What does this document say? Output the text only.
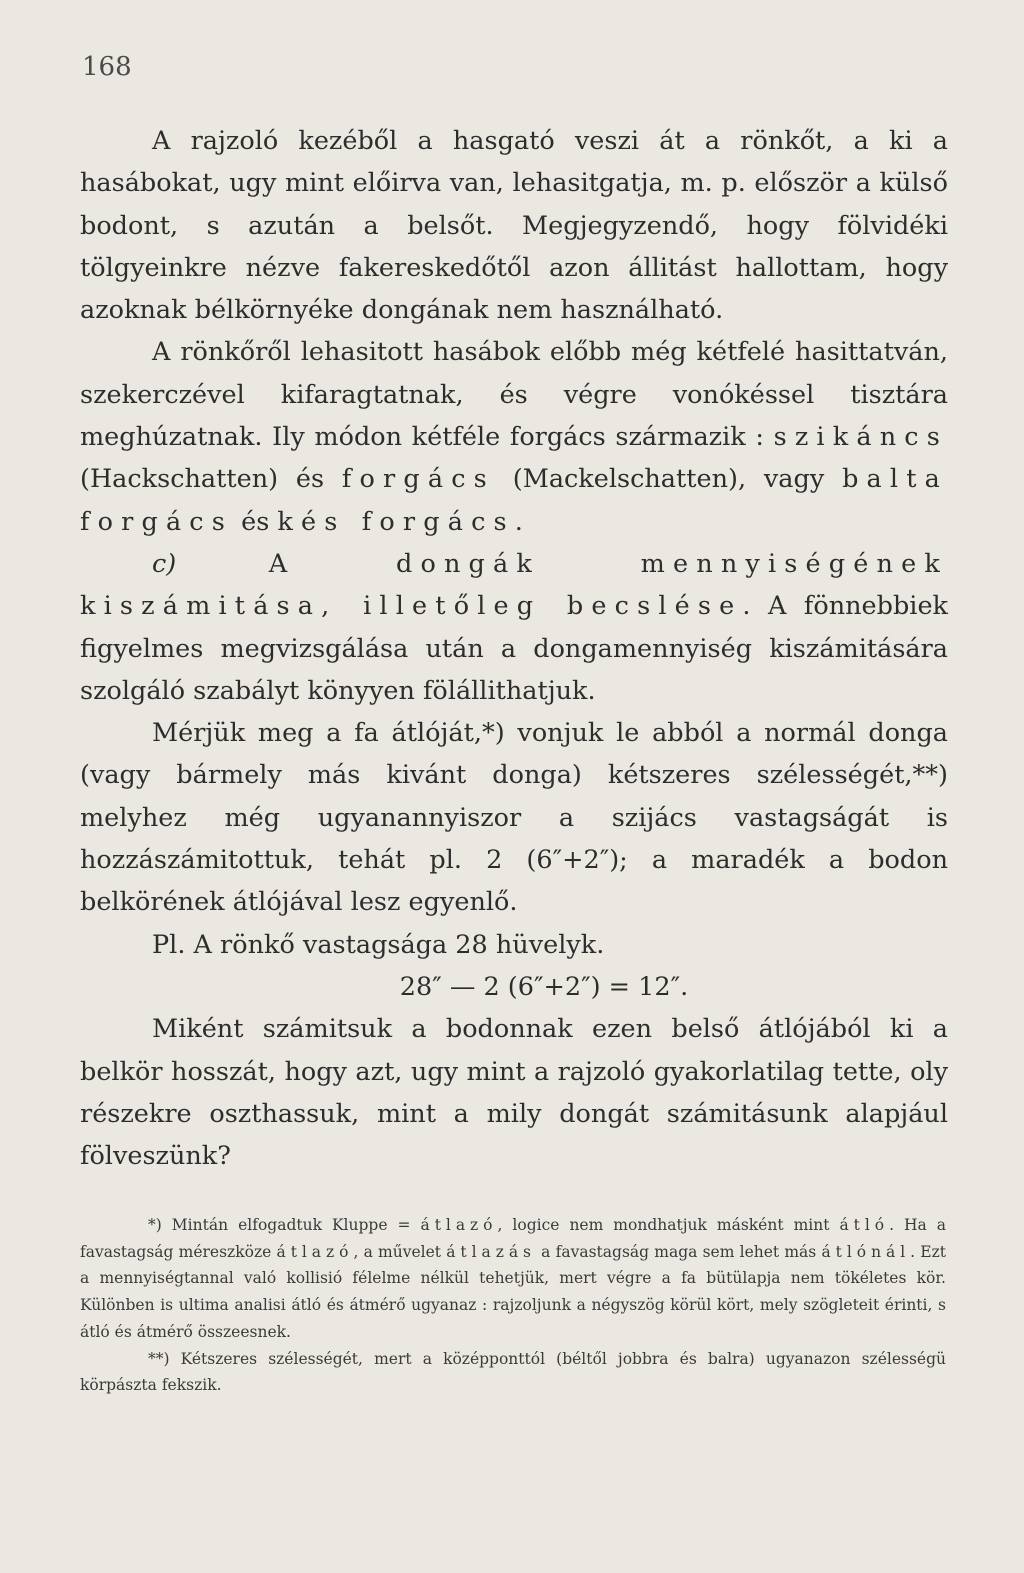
168

A rajzoló kezéből a hasgató veszi át a rönkőt, a ki a hasábokat, ugy mint előirva van, lehasitgatja, m. p. először a külső bodont, s azután a belsőt. Megjegyzendő, hogy fölvidéki tölgyeinkre nézve fakereskedőtől azon állitást hallottam, hogy azoknak bélkörnyéke dongának nem használható.

A rönkőről lehasitott hasábok előbb még kétfelé hasittatván, szekerczével kifaragtatnak, és végre vonókéssel tisztára meghúzatnak. Ily módon kétféle forgács származik : szikáncs (Hackschatten) és forgács (Mackelschatten), vagy balta forgács és kés forgács.

c) A dongák mennyiségének kiszámitása, illetőleg becslése. A fönnebbiek figyelmes megvizsgálása után a dongamennyiség kiszámitására szolgáló szabályt könyyen fölállithatjuk.

Mérjük meg a fa átlóját,*) vonjuk le abból a normál donga (vagy bármely más kivánt donga) kétszeres szélességét,**) melyhez még ugyanannyiszor a szijács vastagságát is hozzászámitottuk, tehát pl. 2 (6″+2″); a maradék a bodon belkörének átlójával lesz egyenlő.

Pl. A rönkő vastagsága 28 hüvelyk.

28″ — 2 (6″+2″) = 12″.

Miként számitsuk a bodonnak ezen belső átlójából ki a belkör hosszát, hogy azt, ugy mint a rajzoló gyakorlatilag tette, oly részekre oszthassuk, mint a mily dongát számitásunk alapjául fölveszünk?

*) Mintán elfogadtuk Kluppe = átlazó, logice nem mondhatjuk másként mint átló. Ha a favastagság méreszköze átlazó, a művelet átlazás a favastagság maga sem lehet más átlónál. Ezt a mennyiségtannal való kollisió félelme nélkül tehetjük, mert végre a fa bütülapja nem tökéletes kör. Különben is ultima analisi átló és átmérő ugyanaz : rajzoljunk a négyszög körül kört, mely szögleteit érinti, s átló és átmérő összeesnek.

**) Kétszeres szélességét, mert a középponttól (béltől jobbra és balra) ugyanazon szélességü körpászta fekszik.
